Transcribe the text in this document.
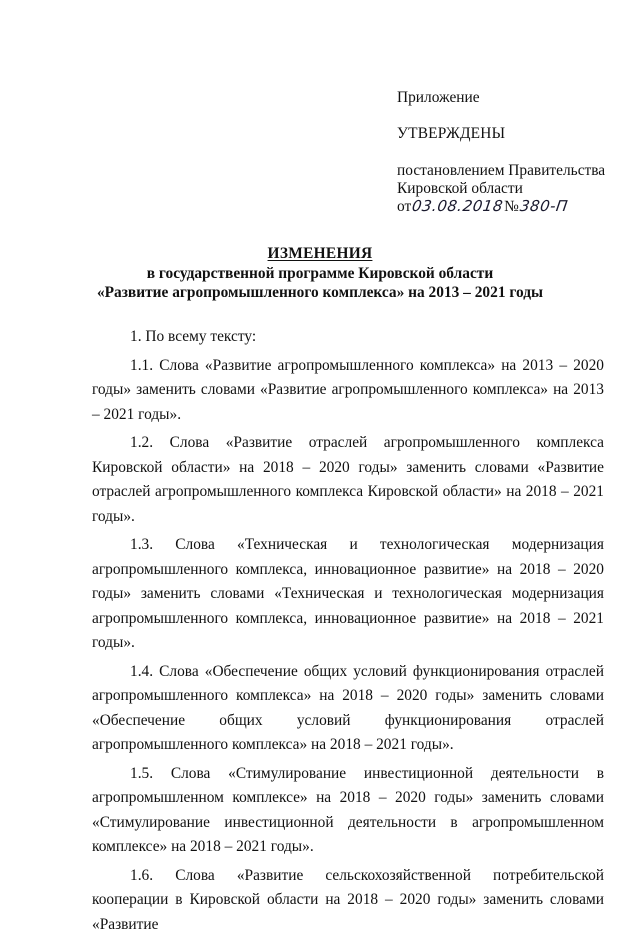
Приложение
УТВЕРЖДЕНЫ
постановлением Правительства
Кировской области
от 03.08.2018 № 380-П
ИЗМЕНЕНИЯ
в государственной программе Кировской области
«Развитие агропромышленного комплекса» на 2013 – 2021 годы

1. По всему тексту:

1.1. Слова «Развитие агропромышленного комплекса» на 2013 – 2020 годы» заменить словами «Развитие агропромышленного комплекса» на 2013 – 2021 годы».

1.2. Слова «Развитие отраслей агропромышленного комплекса Кировской области» на 2018 – 2020 годы» заменить словами «Развитие отраслей агропромышленного комплекса Кировской области» на 2018 – 2021 годы».

1.3. Слова «Техническая и технологическая модернизация агропромышленного комплекса, инновационное развитие» на 2018 – 2020 годы» заменить словами «Техническая и технологическая модернизация агропромышленного комплекса, инновационное развитие» на 2018 – 2021 годы».

1.4. Слова «Обеспечение общих условий функционирования отраслей агропромышленного комплекса» на 2018 – 2020 годы» заменить словами «Обеспечение общих условий функционирования отраслей агропромышленного комплекса» на 2018 – 2021 годы».

1.5. Слова «Стимулирование инвестиционной деятельности в агропромышленном комплексе» на 2018 – 2020 годы» заменить словами «Стимулирование инвестиционной деятельности в агропромышленном комплексе» на 2018 – 2021 годы».

1.6. Слова «Развитие сельскохозяйственной потребительской кооперации в Кировской области на 2018 – 2020 годы» заменить словами «Развитие
